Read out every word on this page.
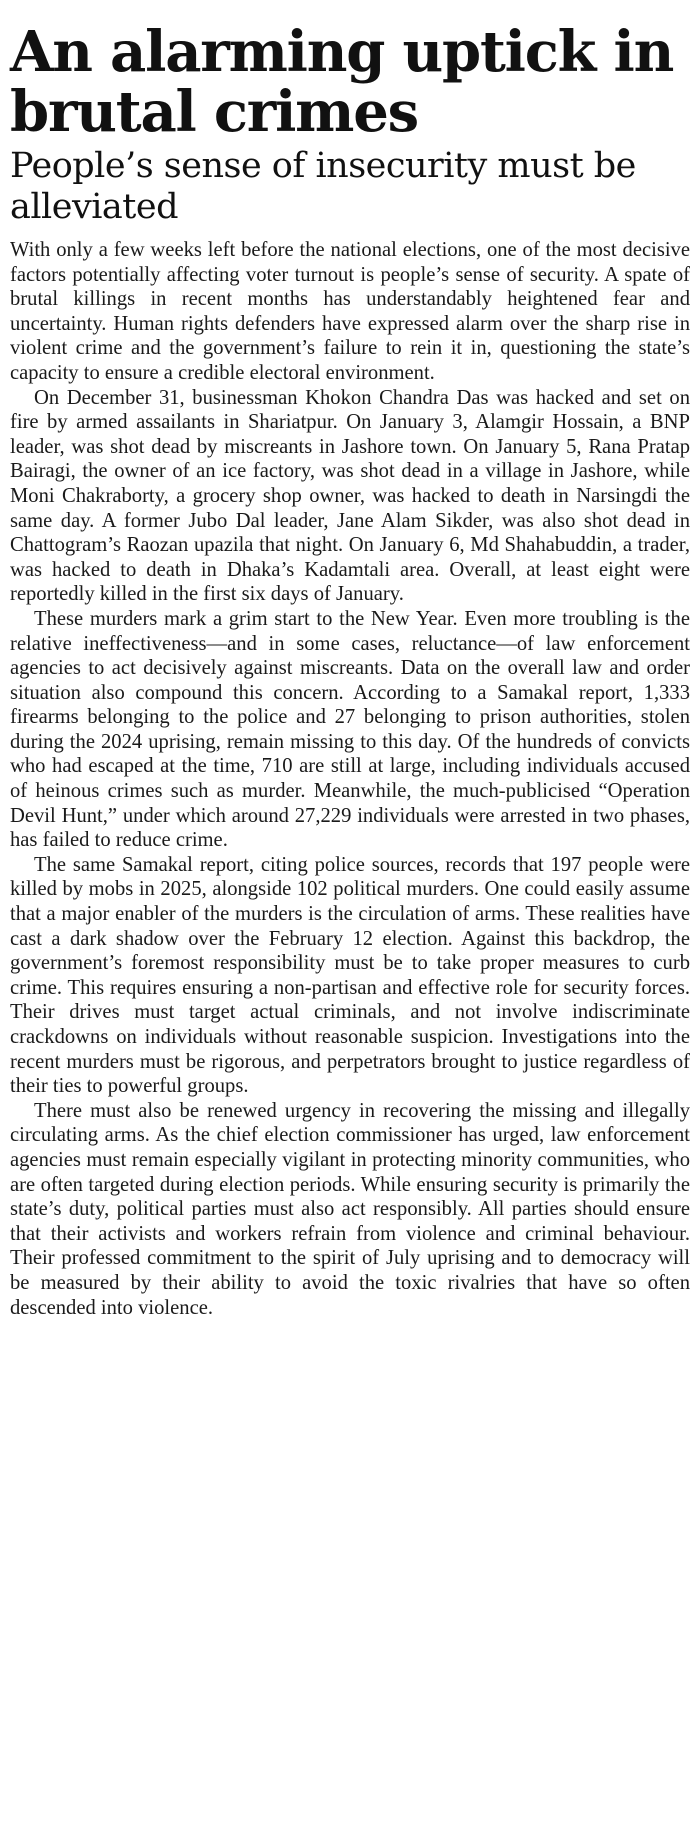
An alarming uptick in brutal crimes
People’s sense of insecurity must be alleviated

With only a few weeks left before the national elections, one of the most decisive factors potentially affecting voter turnout is people’s sense of security. A spate of brutal killings in recent months has understandably heightened fear and uncertainty. Human rights defenders have expressed alarm over the sharp rise in violent crime and the government’s failure to rein it in, questioning the state’s capacity to ensure a credible electoral environment.

On December 31, businessman Khokon Chandra Das was hacked and set on fire by armed assailants in Shariatpur. On January 3, Alamgir Hossain, a BNP leader, was shot dead by miscreants in Jashore town. On January 5, Rana Pratap Bairagi, the owner of an ice factory, was shot dead in a village in Jashore, while Moni Chakraborty, a grocery shop owner, was hacked to death in Narsingdi the same day. A former Jubo Dal leader, Jane Alam Sikder, was also shot dead in Chattogram’s Raozan upazila that night. On January 6, Md Shahabuddin, a trader, was hacked to death in Dhaka’s Kadamtali area. Overall, at least eight were reportedly killed in the first six days of January.

These murders mark a grim start to the New Year. Even more troubling is the relative ineffectiveness—and in some cases, reluctance—of law enforcement agencies to act decisively against miscreants. Data on the overall law and order situation also compound this concern. According to a Samakal report, 1,333 firearms belonging to the police and 27 belonging to prison authorities, stolen during the 2024 uprising, remain missing to this day. Of the hundreds of convicts who had escaped at the time, 710 are still at large, including individuals accused of heinous crimes such as murder. Meanwhile, the much-publicised “Operation Devil Hunt,” under which around 27,229 individuals were arrested in two phases, has failed to reduce crime.

The same Samakal report, citing police sources, records that 197 people were killed by mobs in 2025, alongside 102 political murders. One could easily assume that a major enabler of the murders is the circulation of arms. These realities have cast a dark shadow over the February 12 election. Against this backdrop, the government’s foremost responsibility must be to take proper measures to curb crime. This requires ensuring a non-partisan and effective role for security forces. Their drives must target actual criminals, and not involve indiscriminate crackdowns on individuals without reasonable suspicion. Investigations into the recent murders must be rigorous, and perpetrators brought to justice regardless of their ties to powerful groups.

There must also be renewed urgency in recovering the missing and illegally circulating arms. As the chief election commissioner has urged, law enforcement agencies must remain especially vigilant in protecting minority communities, who are often targeted during election periods. While ensuring security is primarily the state’s duty, political parties must also act responsibly. All parties should ensure that their activists and workers refrain from violence and criminal behaviour. Their professed commitment to the spirit of July uprising and to democracy will be measured by their ability to avoid the toxic rivalries that have so often descended into violence.
